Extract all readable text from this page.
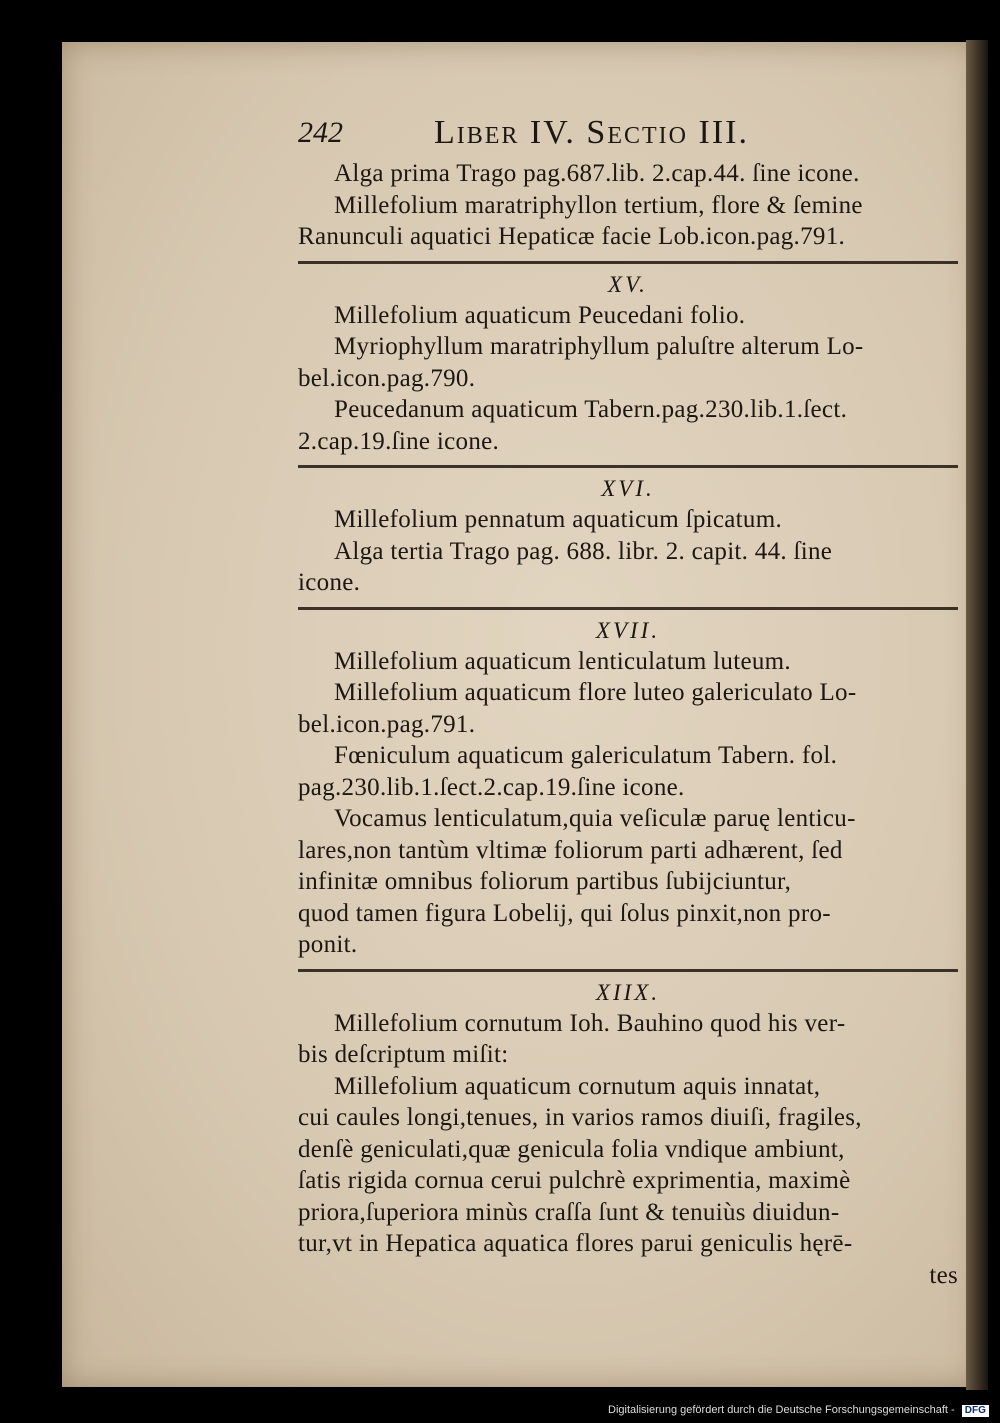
242	Liber IV. Sectio III.
Alga prima Trago pag.687.lib. 2.cap.44. ſine icone.
Millefolium maratriphyllon tertium, flore & ſemine
Ranunculi aquatici Hepaticæ facie Lob.icon.pag.791.
XV.
Millefolium aquaticum Peucedani folio.
Myriophyllum maratriphyllum paluſtre alterum Lo-
bel.icon.pag.790.
Peucedanum aquaticum Tabern.pag.230.lib.1.ſect.
2.cap.19.ſine icone.
XVI.
Millefolium pennatum aquaticum ſpicatum.
Alga tertia Trago pag. 688. libr. 2. capit. 44. ſine
icone.
XVII.
Millefolium aquaticum lenticulatum luteum.
Millefolium aquaticum flore luteo galericulato Lo-
bel.icon.pag.791.
Fœniculum aquaticum galericulatum Tabern. fol.
pag.230.lib.1.ſect.2.cap.19.ſine icone.
Vocamus lenticulatum,quia veſiculæ paruę lenticu-
lares,non tantùm vltimæ foliorum parti adhærent, ſed
infinitæ omnibus foliorum partibus ſubijciuntur,
quod tamen figura Lobelij, qui ſolus pinxit,non pro-
ponit.
XIIX.
Millefolium cornutum Ioh. Bauhino quod his ver-
bis deſcriptum miſit:
Millefolium aquaticum cornutum aquis innatat,
cui caules longi,tenues, in varios ramos diuiſi, fragiles,
denſè geniculati,quæ genicula folia vndique ambiunt,
ſatis rigida cornua cerui pulchrè exprimentia, maximè
priora,ſuperiora minùs craſſa ſunt & tenuiùs diuidun-
tur,vt in Hepatica aquatica flores parui geniculis hęrē-
tes
Digitalisierung gefördert durch die Deutsche Forschungsgemeinschaft - DFG
